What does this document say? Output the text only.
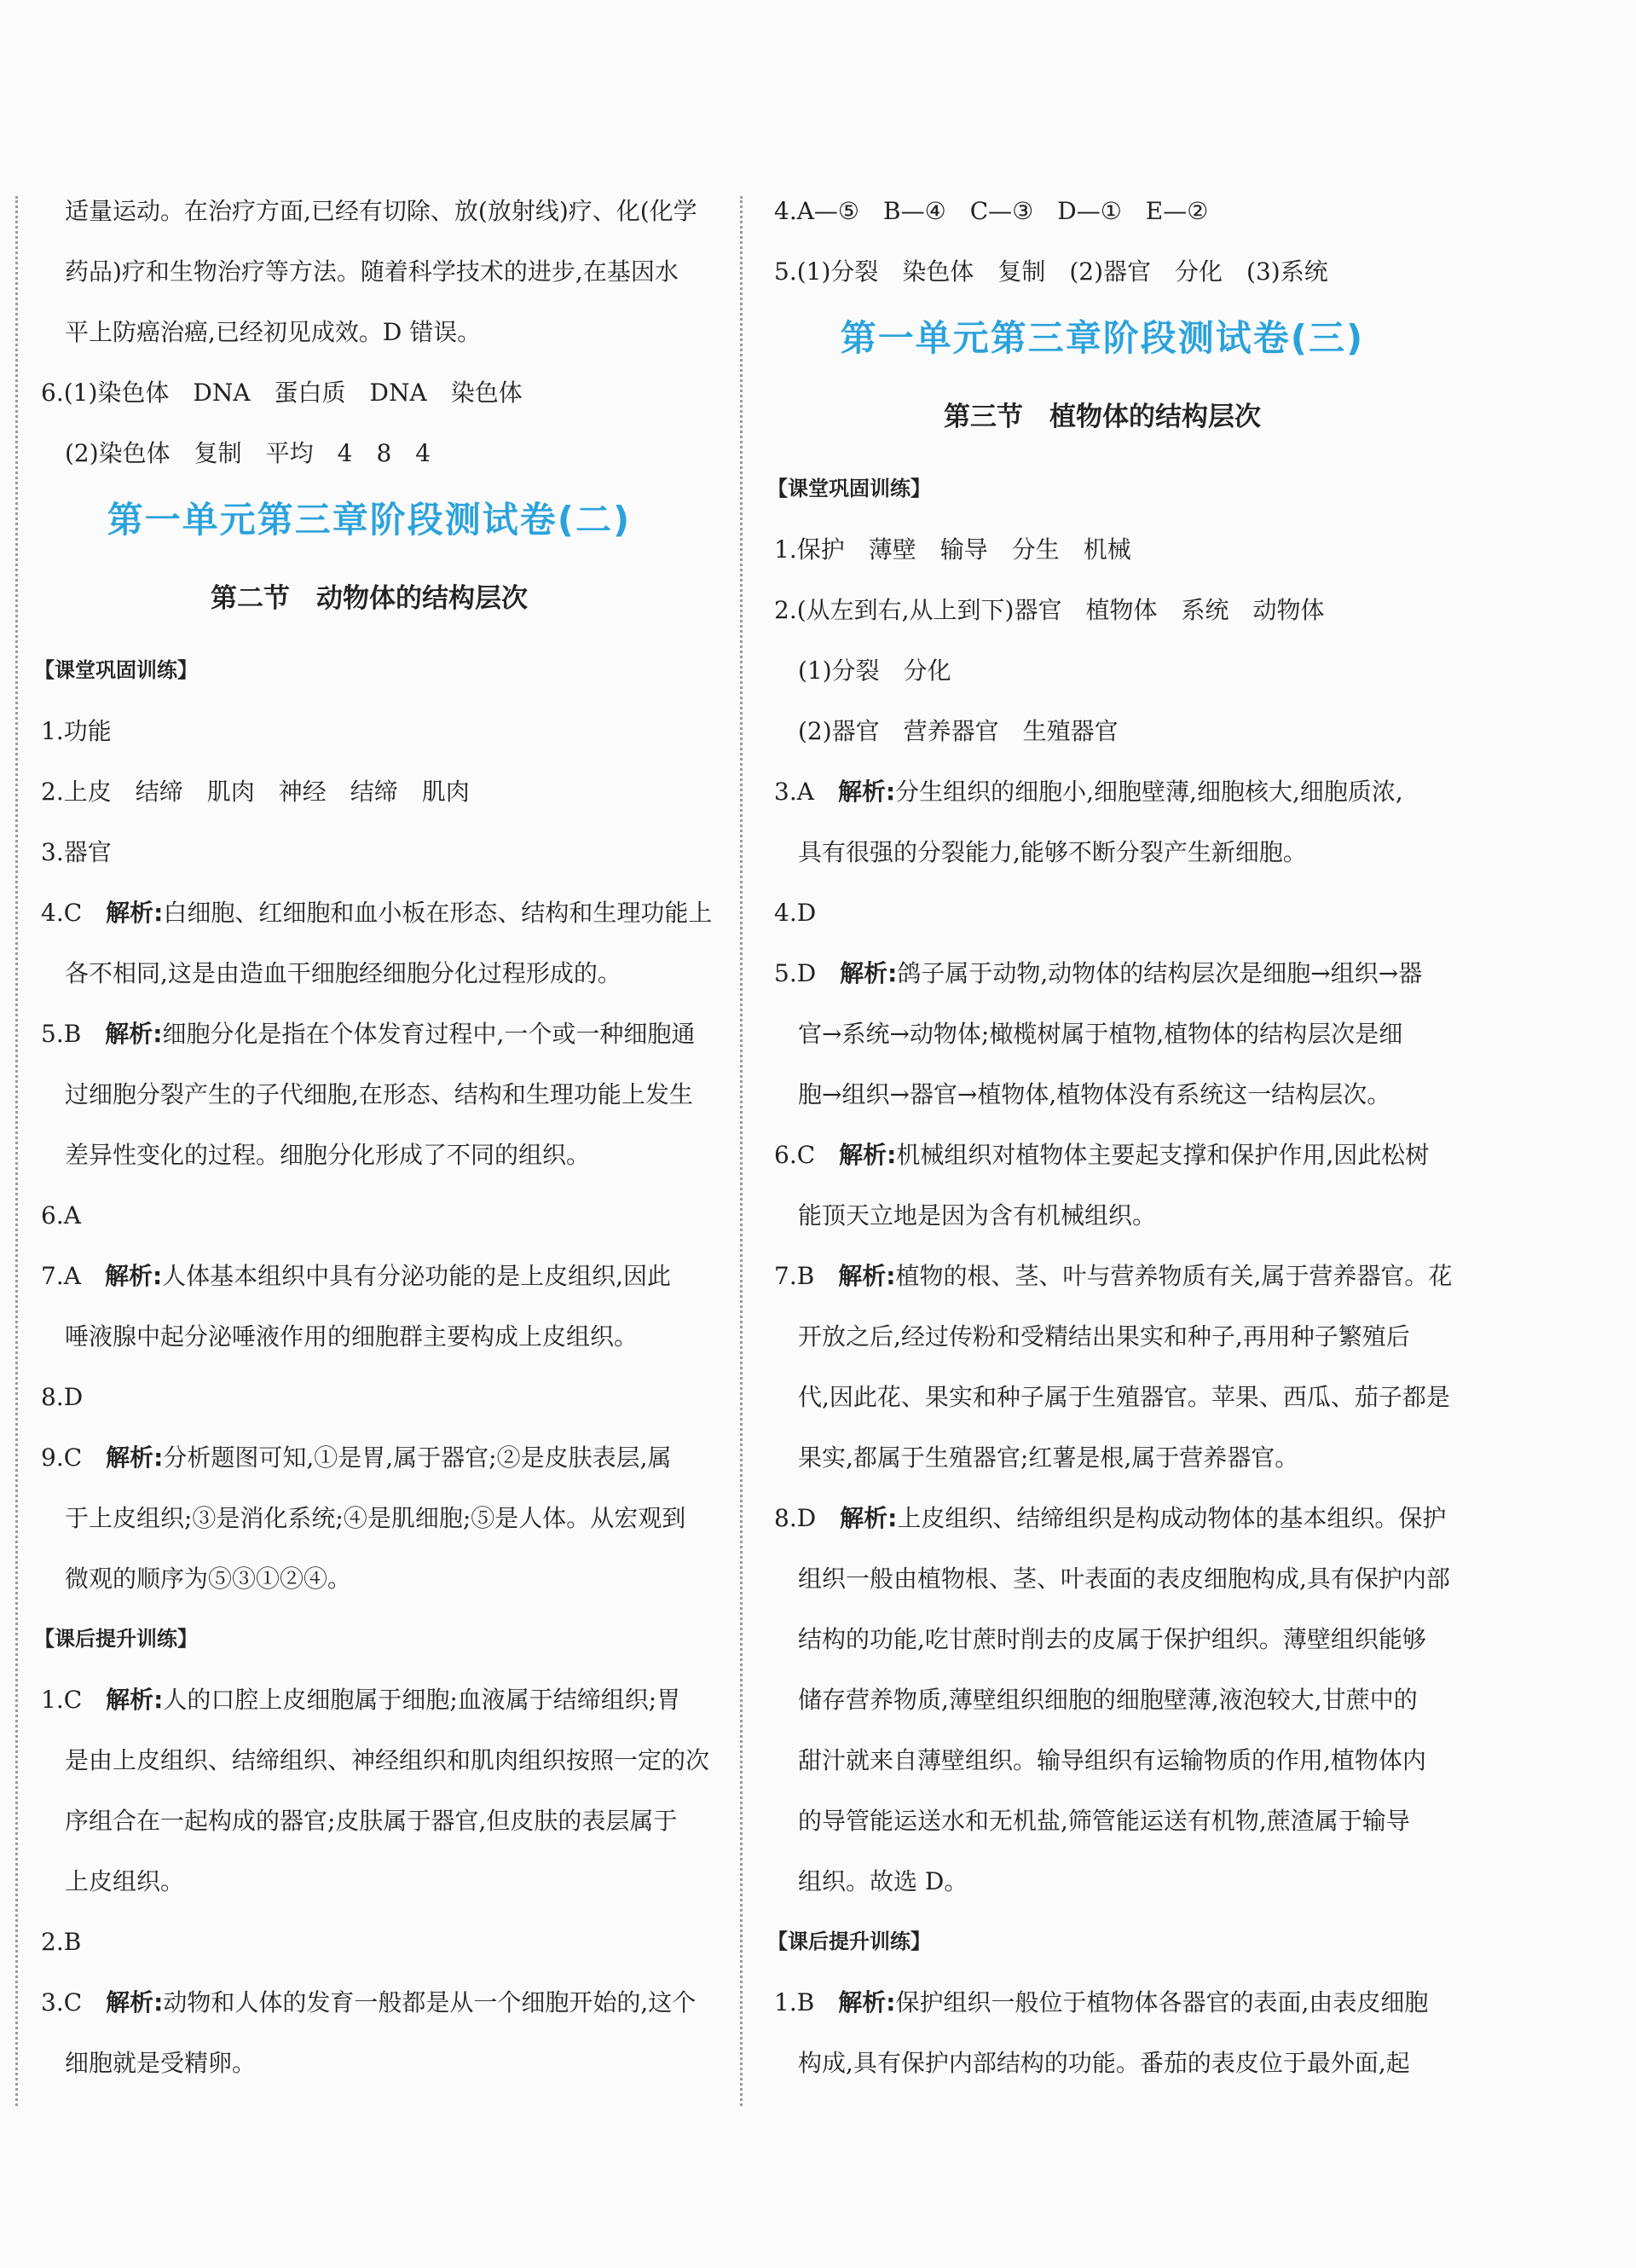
适量运动。在治疗方面,已经有切除、放(放射线)疗、化(化学
药品)疗和生物治疗等方法。随着科学技术的进步,在基因水
平上防癌治癌,已经初见成效。D 错误。
6.(1)染色体　DNA　蛋白质　DNA　染色体
(2)染色体　复制　平均　4　8　4
第一单元第三章阶段测试卷(二)
第二节　动物体的结构层次
【课堂巩固训练】
1.功能
2.上皮　结缔　肌肉　神经　结缔　肌肉
3.器官
4.C 解析:白细胞、红细胞和血小板在形态、结构和生理功能上
各不相同,这是由造血干细胞经细胞分化过程形成的。
5.B 解析:细胞分化是指在个体发育过程中,一个或一种细胞通
过细胞分裂产生的子代细胞,在形态、结构和生理功能上发生
差异性变化的过程。细胞分化形成了不同的组织。
6.A
7.A 解析:人体基本组织中具有分泌功能的是上皮组织,因此
唾液腺中起分泌唾液作用的细胞群主要构成上皮组织。
8.D
9.C 解析:分析题图可知,①是胃,属于器官;②是皮肤表层,属
于上皮组织;③是消化系统;④是肌细胞;⑤是人体。从宏观到
微观的顺序为⑤③①②④。
【课后提升训练】
1.C 解析:人的口腔上皮细胞属于细胞;血液属于结缔组织;胃
是由上皮组织、结缔组织、神经组织和肌肉组织按照一定的次
序组合在一起构成的器官;皮肤属于器官,但皮肤的表层属于
上皮组织。
2.B
3.C 解析:动物和人体的发育一般都是从一个细胞开始的,这个
细胞就是受精卵。
4.A—⑤　B—④　C—③　D—①　E—②
5.(1)分裂　染色体　复制　(2)器官　分化　(3)系统
第一单元第三章阶段测试卷(三)
第三节　植物体的结构层次
【课堂巩固训练】
1.保护　薄壁　输导　分生　机械
2.(从左到右,从上到下)器官　植物体　系统　动物体
(1)分裂　分化
(2)器官　营养器官　生殖器官
3.A 解析:分生组织的细胞小,细胞壁薄,细胞核大,细胞质浓,
具有很强的分裂能力,能够不断分裂产生新细胞。
4.D
5.D 解析:鸽子属于动物,动物体的结构层次是细胞→组织→器
官→系统→动物体;橄榄树属于植物,植物体的结构层次是细
胞→组织→器官→植物体,植物体没有系统这一结构层次。
6.C 解析:机械组织对植物体主要起支撑和保护作用,因此松树
能顶天立地是因为含有机械组织。
7.B 解析:植物的根、茎、叶与营养物质有关,属于营养器官。花
开放之后,经过传粉和受精结出果实和种子,再用种子繁殖后
代,因此花、果实和种子属于生殖器官。苹果、西瓜、茄子都是
果实,都属于生殖器官;红薯是根,属于营养器官。
8.D 解析:上皮组织、结缔组织是构成动物体的基本组织。保护
组织一般由植物根、茎、叶表面的表皮细胞构成,具有保护内部
结构的功能,吃甘蔗时削去的皮属于保护组织。薄壁组织能够
储存营养物质,薄壁组织细胞的细胞壁薄,液泡较大,甘蔗中的
甜汁就来自薄壁组织。输导组织有运输物质的作用,植物体内
的导管能运送水和无机盐,筛管能运送有机物,蔗渣属于输导
组织。故选 D。
【课后提升训练】
1.B 解析:保护组织一般位于植物体各器官的表面,由表皮细胞
构成,具有保护内部结构的功能。番茄的表皮位于最外面,起
